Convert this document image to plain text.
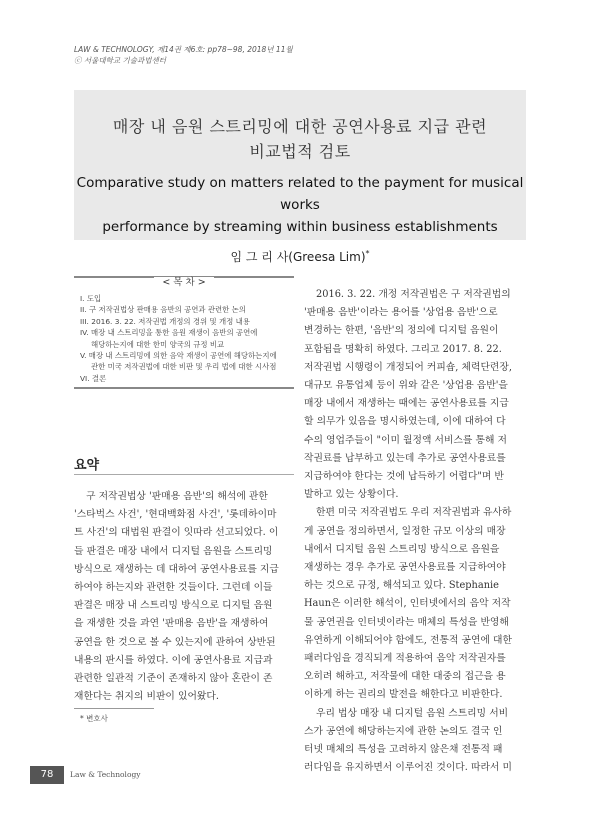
LAW & TECHNOLOGY, 제14권 제6호: pp78~98, 2018년 11월
ⓒ 서울대학교 기술과법센터
매장 내 음원 스트리밍에 대한 공연사용료 지급 관련
비교법적 검토
Comparative study on matters related to the payment for musical works
performance by streaming within business establishments
임 그 리 사(Greesa Lim)*
< 목 차 >
I. 도입
II. 구 저작권법상 판매용 음반의 공연과 관련한 논의
III. 2016. 3. 22. 저작권법 개정의 경위 및 개정 내용
IV. 매장 내 스트리밍을 통한 음원 재생이 음반의 공연에
해당하는지에 대한 한미 양국의 규정 비교
V. 매장 내 스트리밍에 의한 음악 재생이 공연에 해당하는지에
관한 미국 저작권법에 대한 비판 및 우리 법에 대한 시사점
VI. 결론
요약
구 저작권법상 '판매용 음반'의 해석에 관한
'스타벅스 사건', '현대백화점 사건', '롯데하이마
트 사건'의 대법원 판결이 잇따라 선고되었다. 이
들 판결은 매장 내에서 디지털 음원을 스트리밍
방식으로 재생하는 데 대하여 공연사용료를 지급
하여야 하는지와 관련한 것들이다. 그런데 이들
판결은 매장 내 스트리밍 방식으로 디지털 음원
을 재생한 것을 과연 '판매용 음반'을 재생하여
공연을 한 것으로 볼 수 있는지에 관하여 상반된
내용의 판시를 하였다. 이에 공연사용료 지급과
관련한 일관적 기준이 존재하지 않아 혼란이 존
재한다는 취지의 비판이 있어왔다.
2016. 3. 22. 개정 저작권법은 구 저작권법의
'판매용 음반'이라는 용어를 '상업용 음반'으로
변경하는 한편, '음반'의 정의에 디지털 음원이
포함됨을 명확히 하였다. 그리고 2017. 8. 22.
저작권법 시행령이 개정되어 커피숍, 체력단련장,
대규모 유통업체 등이 위와 같은 '상업용 음반'을
매장 내에서 재생하는 때에는 공연사용료를 지급
할 의무가 있음을 명시하였는데, 이에 대하여 다
수의 영업주들이 "이미 월정액 서비스를 통해 저
작권료를 납부하고 있는데 추가로 공연사용료를
지급하여야 한다는 것에 납득하기 어렵다"며 반
발하고 있는 상황이다.
한편 미국 저작권법도 우리 저작권법과 유사하
게 공연을 정의하면서, 일정한 규모 이상의 매장
내에서 디지털 음원 스트리밍 방식으로 음원을
재생하는 경우 추가로 공연사용료를 지급하여야
하는 것으로 규정, 해석되고 있다. Stephanie
Haun은 이러한 해석이, 인터넷에서의 음악 저작
물 공연권을 인터넷이라는 매체의 특성을 반영해
유연하게 이해되어야 함에도, 전통적 공연에 대한
패러다임을 경직되게 적용하여 음악 저작권자를
오히려 해하고, 저작물에 대한 대중의 접근을 용
이하게 하는 권리의 발전을 해한다고 비판한다.
우리 법상 매장 내 디지털 음원 스트리밍 서비
스가 공연에 해당하는지에 관한 논의도 결국 인
터넷 매체의 특성을 고려하지 않은채 전통적 패
러다임을 유지하면서 이루어진 것이다. 따라서 미
* 변호사
78	Law & Technology
